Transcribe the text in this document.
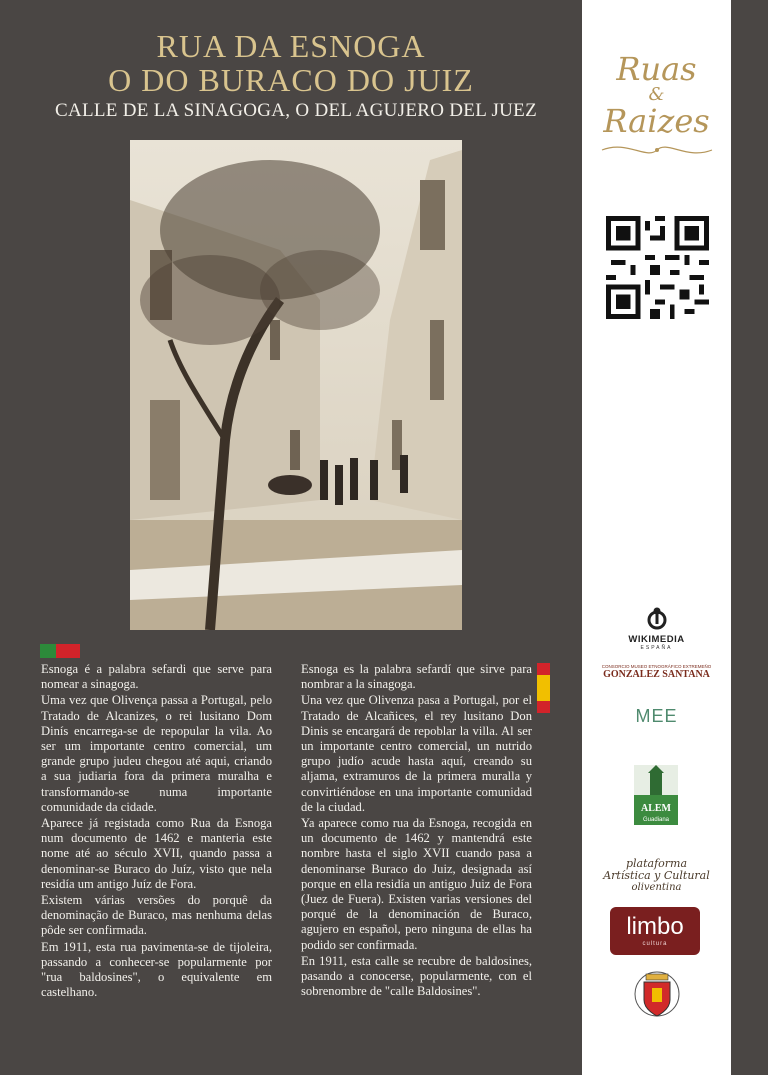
RUA DA ESNOGA
O DO BURACO DO JUIZ
CALLE DE LA SINAGOGA, O DEL AGUJERO DEL JUEZ

Esnoga é a palabra sefardi que serve para nomear a sinagoga.

Uma vez que Olivença passa a Portugal, pelo Tratado de Alcanizes, o rei lusitano Dom Dinís encarrega-se de repopular la vila. Ao ser um importante centro comercial, um grande grupo judeu chegou até aqui, criando a sua judiaria fora da primera muralha e transformando-se numa importante comunidade da cidade.

Aparece já registada como Rua da Esnoga num documento de 1462 e manteria este nome até ao século XVII, quando passa a denominar-se Buraco do Juíz, visto que nela residía um antigo Juíz de Fora.

Existem várias versões do porquê da denominação de Buraco, mas nenhuma delas pôde ser confirmada.

Em 1911, esta rua pavimenta-se de tijoleira, passando a conhecer-se popularmente por "rua baldosines", o equivalente em castelhano.

Esnoga es la palabra sefardí que sirve para nombrar a la sinagoga.

Una vez que Olivenza pasa a Portugal, por el Tratado de Alcañices, el rey lusitano Don Dinis se encargará de repoblar la villa. Al ser un importante centro comercial, un nutrido grupo judío acude hasta aquí, creando su aljama, extramuros de la primera muralla y convirtiéndose en una importante comunidad de la ciudad.

Ya aparece como rua da Esnoga, recogida en un documento de 1462 y mantendrá este nombre hasta el siglo XVII cuando pasa a denominarse Buraco do Juiz, designada así porque en ella residía un antiguo Juiz de Fora (Juez de Fuera). Existen varias versiones del porqué de la denominación de Buraco, agujero en español, pero ninguna de ellas ha podido ser confirmada.

En 1911, esta calle se recubre de baldosines, pasando a conocerse, popularmente, con el sobrenombre de "calle Baldosines".

Ruas
&
Raizes
WIKIMEDIA
ESPAÑA
CONSORCIO MUSEO ETNOGRÁFICO EXTREMEÑO
GONZALEZ SANTANA
MEE
ALEM
Guadiana
plataforma
Artística y Cultural
oliventina
limbo
cultura
